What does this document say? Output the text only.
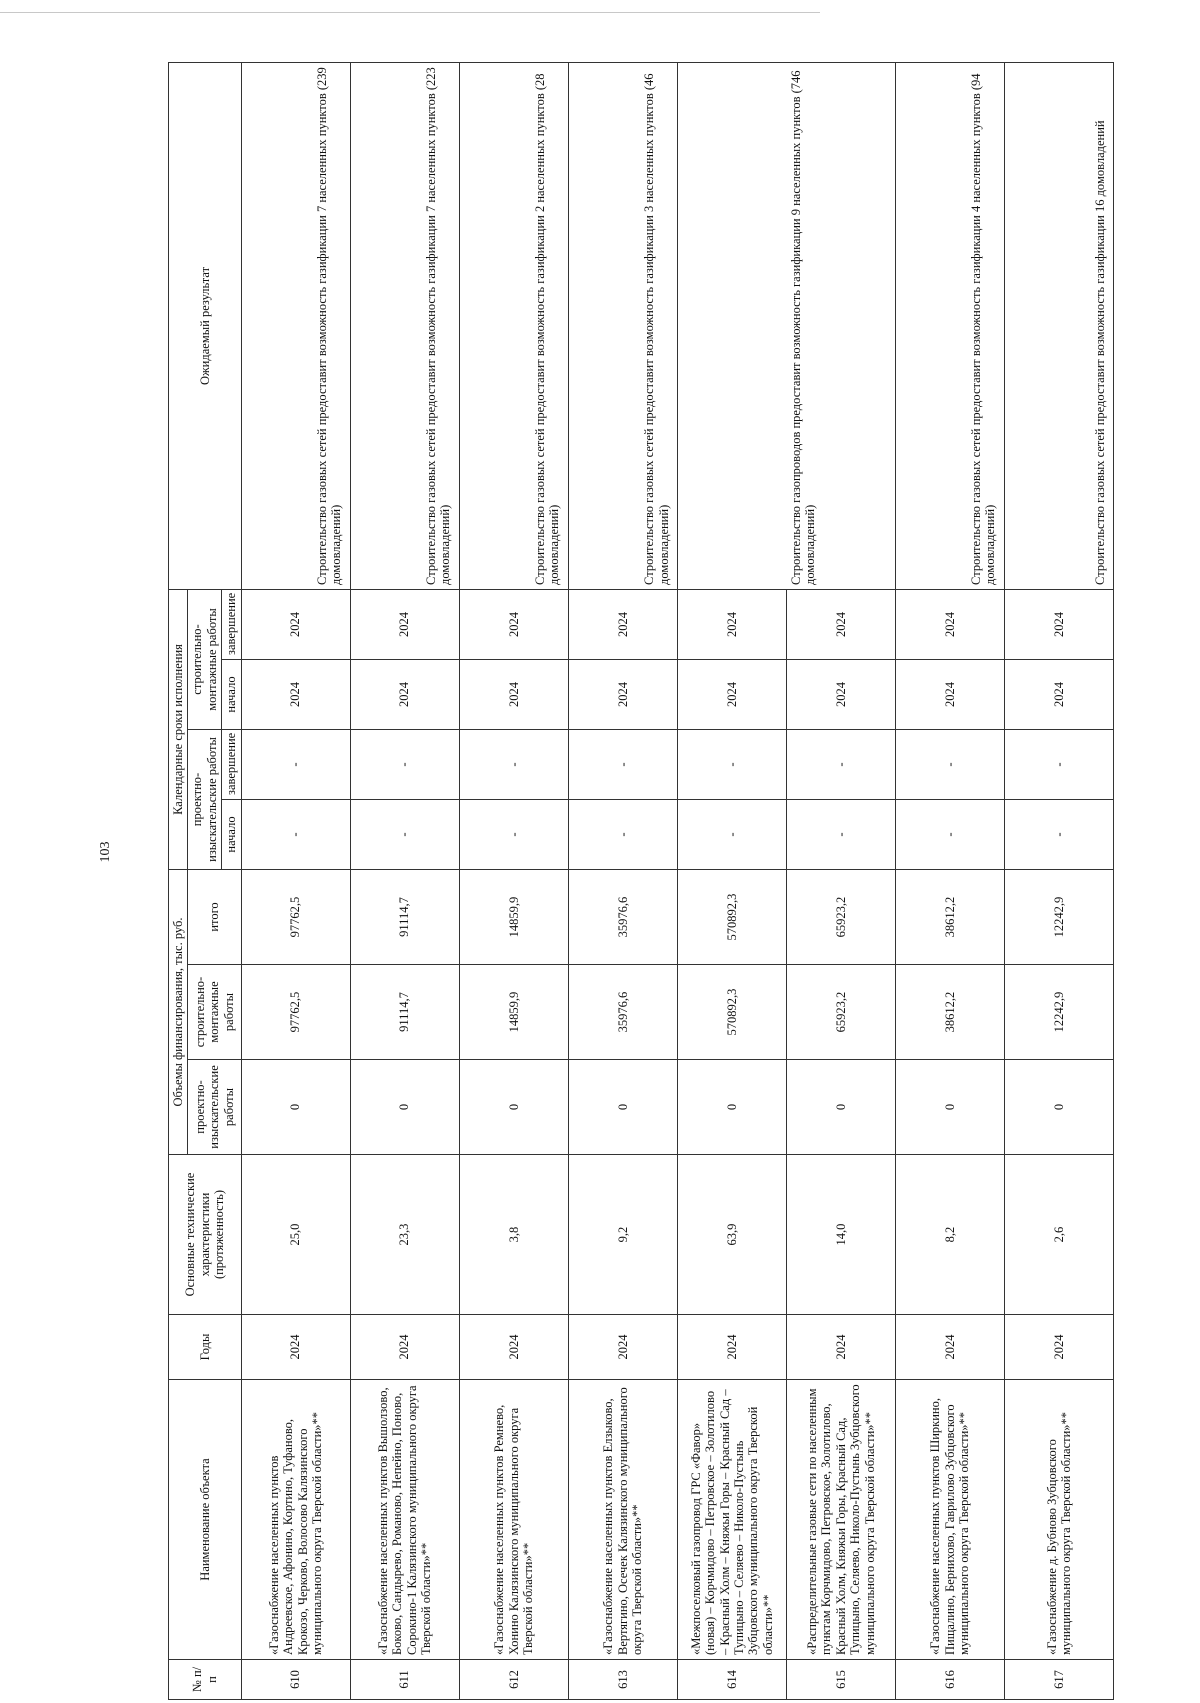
103
№ п/п	Наименование объекта	Годы	Основные технические характеристики (протяженность)	Объемы финансирования, тыс. руб.			Календарные сроки исполнения				Ожидаемый результат
				проектно-изыскательские работы	строительно-монтажные работы	итого	проектно-изыскательские работы		строительно-монтажные работы		
							начало	завершение	начало	завершение	
610	«Газоснабжение населенных пунктов Андреевское, Афонино, Кортино, Туфаново, Крокозо, Черково, Волосово Калязинского муниципального округа Тверской области»**	2024	25,0	0	97762,5	97762,5	-	-	2024	2024	Строительство газовых сетей предоставит возможность газификации 7 населенных пунктов (239 домовладений)
611	«Газоснабжение населенных пунктов Вышолзово, Боково, Сандырево, Романово, Непейно, Поново, Сорокино-1 Калязинского муниципального округа Тверской области»**	2024	23,3	0	91114,7	91114,7	-	-	2024	2024	Строительство газовых сетей предоставит возможность газификации 7 населенных пунктов (223 домовладений)
612	«Газоснабжение населенных пунктов Ремнево, Хонино Калязинского муниципального округа Тверской области»**	2024	3,8	0	14859,9	14859,9	-	-	2024	2024	Строительство газовых сетей предоставит возможность газификации 2 населенных пунктов (28 домовладений)
613	«Газоснабжение населенных пунктов Елзыково, Вертягино, Осечек Калязинского муниципального округа Тверской области»**	2024	9,2	0	35976,6	35976,6	-	-	2024	2024	Строительство газовых сетей предоставит возможность газификации 3 населенных пунктов (46 домовладений)
614	«Межпоселковый газопровод ГРС «Фавор» (новая) – Корчмидово – Петровское – Золотилово – Красный Холм – Княжьи Горы – Красный Сад – Тупицыно – Селяево – Николо-Пустынь Зубцовского муниципального округа Тверской области»**	2024	63,9	0	570892,3	570892,3	-	-	2024	2024	
615	«Распределительные газовые сети по населенным пунктам Корчмидово, Петровское, Золотилово, Красный Холм, Княжьи Горы, Красный Сад, Тупицыно, Селяево, Николо-Пустынь Зубцовского муниципального округа Тверской области»**	2024	14,0	0	65923,2	65923,2	-	-	2024	2024	Строительство газопроводов предоставит возможность газификации 9 населенных пунктов (746 домовладений)
616	«Газоснабжение населенных пунктов Ширкино, Пищалино, Бернихово, Гаврилово Зубцовского муниципального округа Тверской области»**	2024	8,2	0	38612,2	38612,2	-	-	2024	2024	Строительство газовых сетей предоставит возможность газификации 4 населенных пунктов (94 домовладений)
617	«Газоснабжение д. Бубново Зубцовского муниципального округа Тверской области»**	2024	2,6	0	12242,9	12242,9	-	-	2024	2024	Строительство газовых сетей предоставит возможность газификации 16 домовладений
